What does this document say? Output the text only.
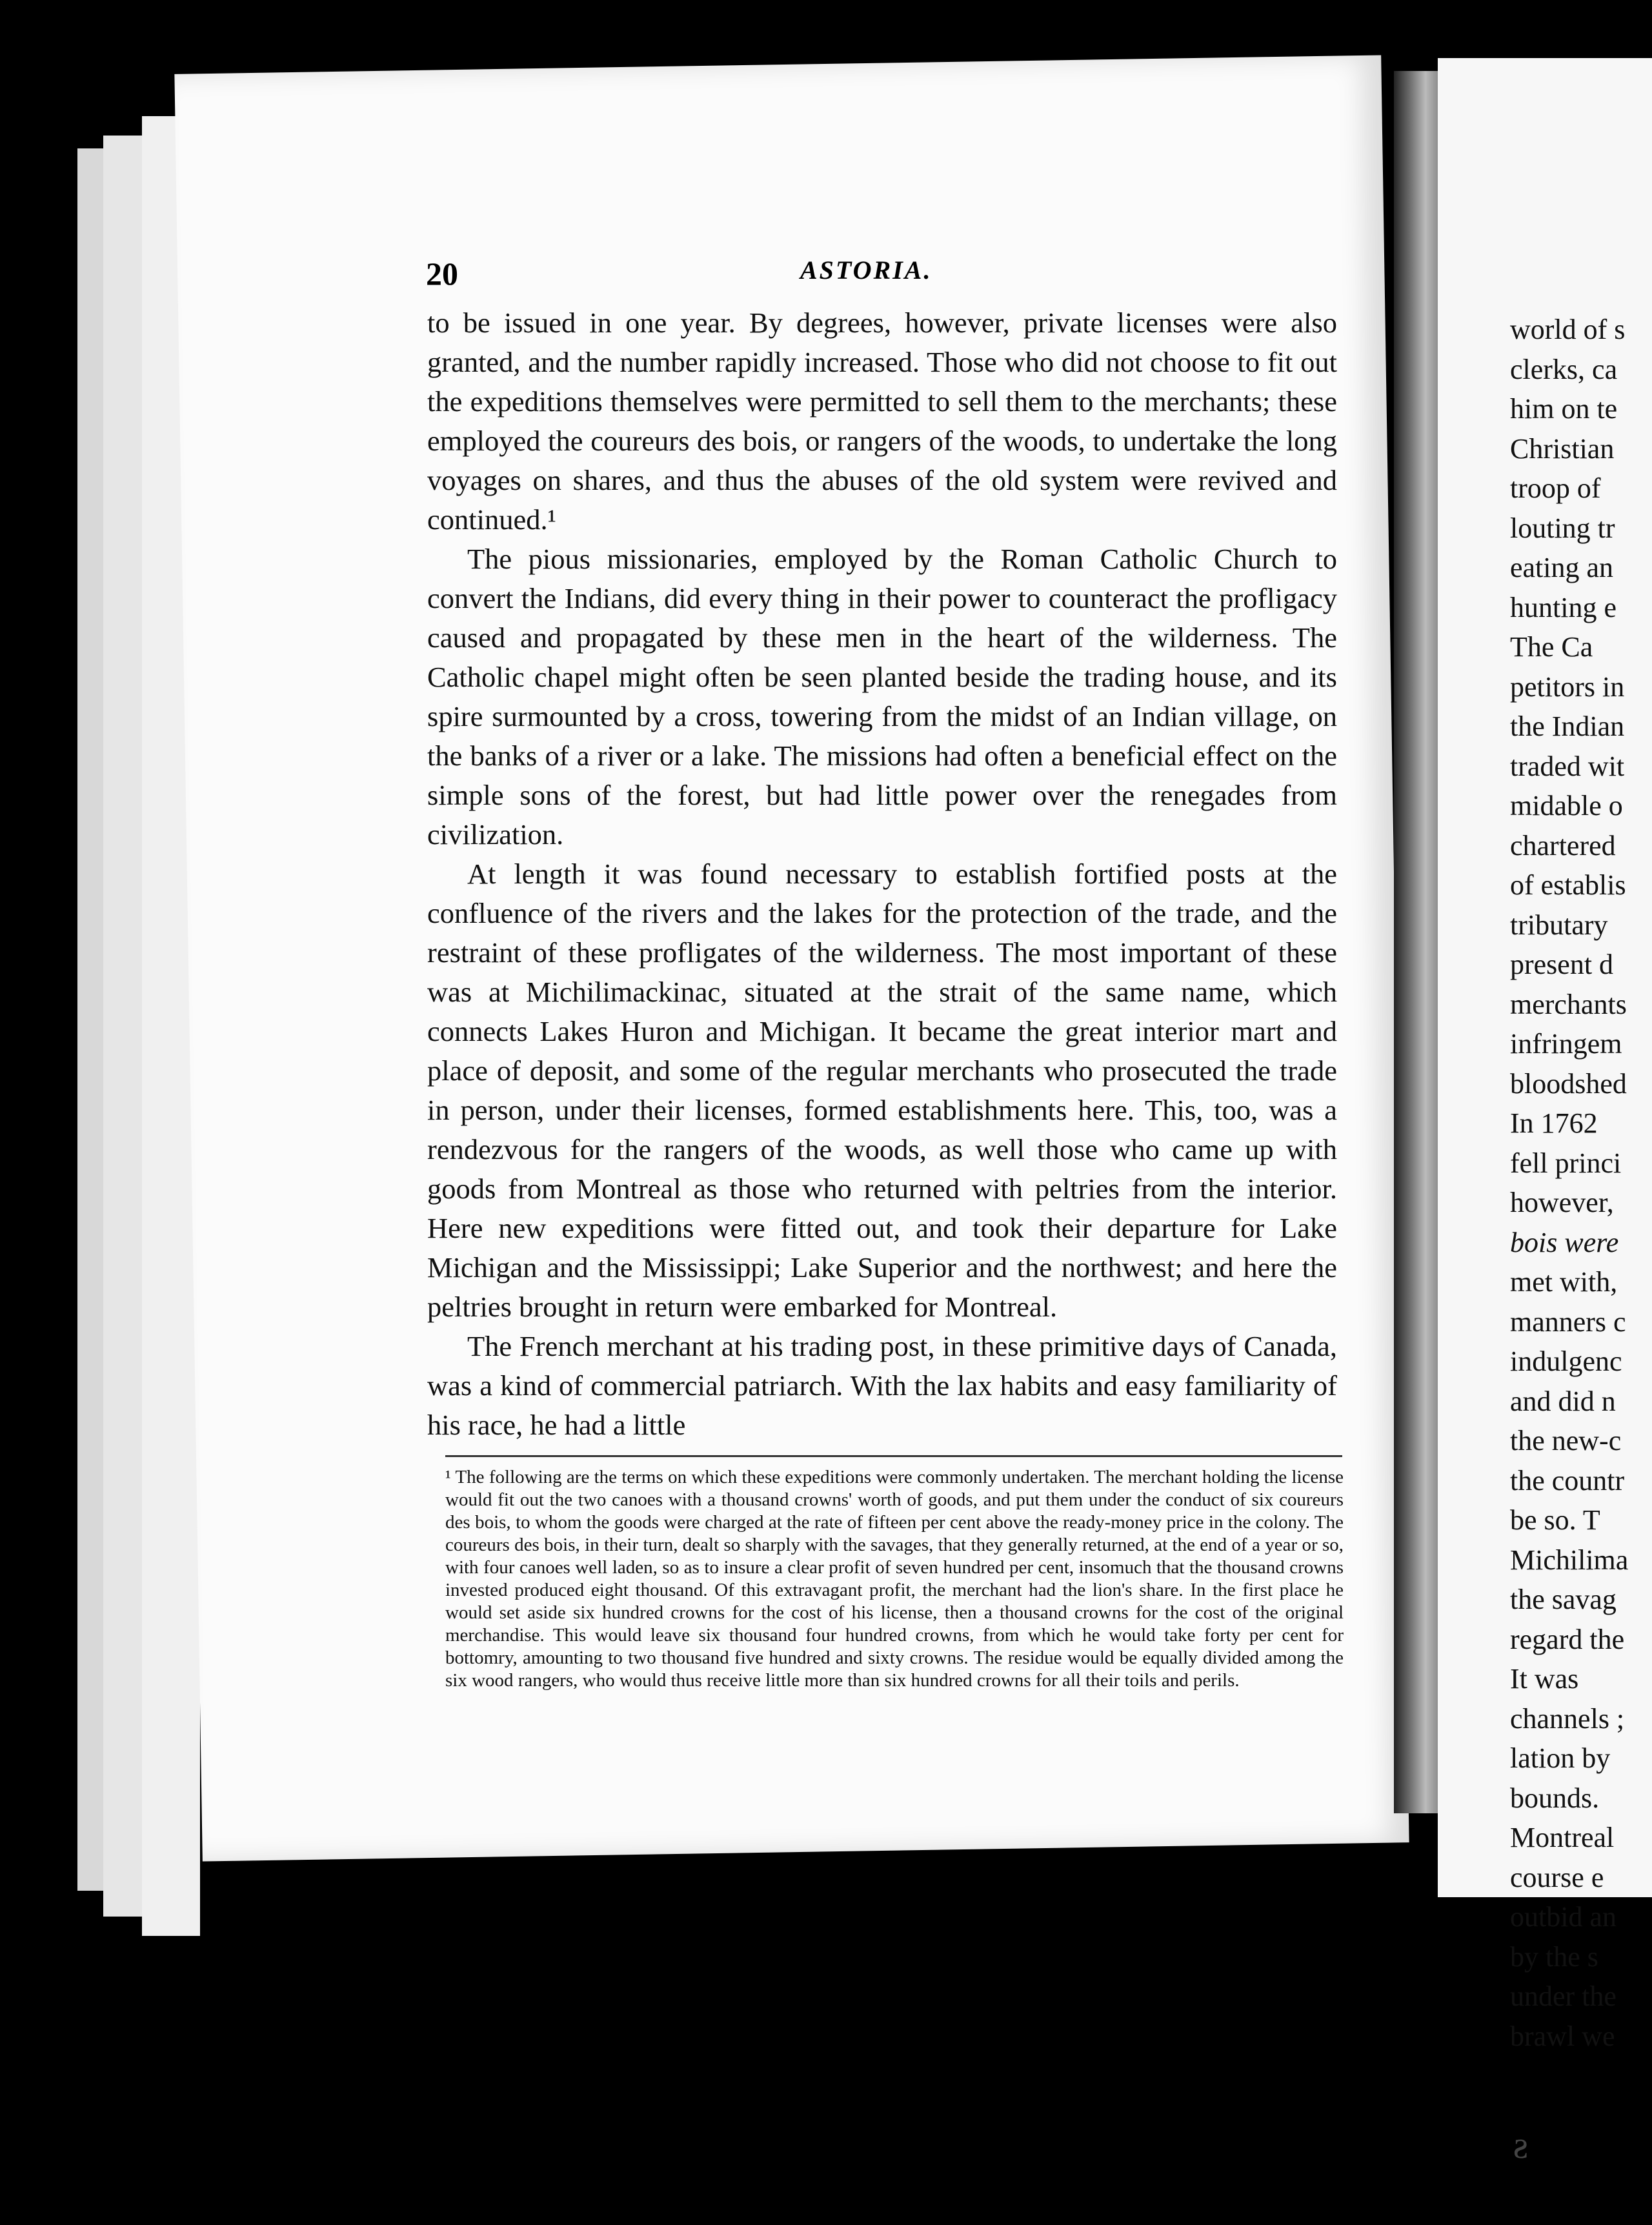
20	ASTORIA.

to be issued in one year. By degrees, however, private licenses were also granted, and the number rapidly increased. Those who did not choose to fit out the expeditions themselves were permitted to sell them to the merchants; these employed the coureurs des bois, or rangers of the woods, to undertake the long voyages on shares, and thus the abuses of the old system were revived and continued.¹

The pious missionaries, employed by the Roman Catholic Church to convert the Indians, did every thing in their power to counteract the profligacy caused and propagated by these men in the heart of the wilderness. The Catholic chapel might often be seen planted beside the trading house, and its spire surmounted by a cross, towering from the midst of an Indian village, on the banks of a river or a lake. The missions had often a beneficial effect on the simple sons of the forest, but had little power over the renegades from civilization.

At length it was found necessary to establish fortified posts at the confluence of the rivers and the lakes for the protection of the trade, and the restraint of these profligates of the wilderness. The most important of these was at Michilimackinac, situated at the strait of the same name, which connects Lakes Huron and Michigan. It became the great interior mart and place of deposit, and some of the regular merchants who prosecuted the trade in person, under their licenses, formed establishments here. This, too, was a rendezvous for the rangers of the woods, as well those who came up with goods from Montreal as those who returned with peltries from the interior. Here new expeditions were fitted out, and took their departure for Lake Michigan and the Mississippi; Lake Superior and the northwest; and here the peltries brought in return were embarked for Montreal.

The French merchant at his trading post, in these primitive days of Canada, was a kind of commercial patriarch. With the lax habits and easy familiarity of his race, he had a little

¹ The following are the terms on which these expeditions were commonly undertaken. The merchant holding the license would fit out the two canoes with a thousand crowns' worth of goods, and put them under the conduct of six coureurs des bois, to whom the goods were charged at the rate of fifteen per cent above the ready-money price in the colony. The coureurs des bois, in their turn, dealt so sharply with the savages, that they generally returned, at the end of a year or so, with four canoes well laden, so as to insure a clear profit of seven hundred per cent, insomuch that the thousand crowns invested produced eight thousand. Of this extravagant profit, the merchant had the lion's share. In the first place he would set aside six hundred crowns for the cost of his license, then a thousand crowns for the cost of the original merchandise. This would leave six thousand four hundred crowns, from which he would take forty per cent for bottomry, amounting to two thousand five hundred and sixty crowns. The residue would be equally divided among the six wood rangers, who would thus receive little more than six hundred crowns for all their toils and perils.
world of s
clerks, ca
him on te
Christian
troop of
louting tr
eating an
hunting e
The Ca
petitors in
the Indian
traded wit
midable o
chartered
of establis
tributary
present d
merchants
infringem
bloodshed
In 1762
fell princi
however,
bois were
met with,
manners c
indulgenc
and did n
the new-c
the countr
be so. T
Michilima
the savag
regard the
It was
channels ;
lation by
bounds.
Montreal
course e
outbid an
by the s
under the
brawl we
ƨ
